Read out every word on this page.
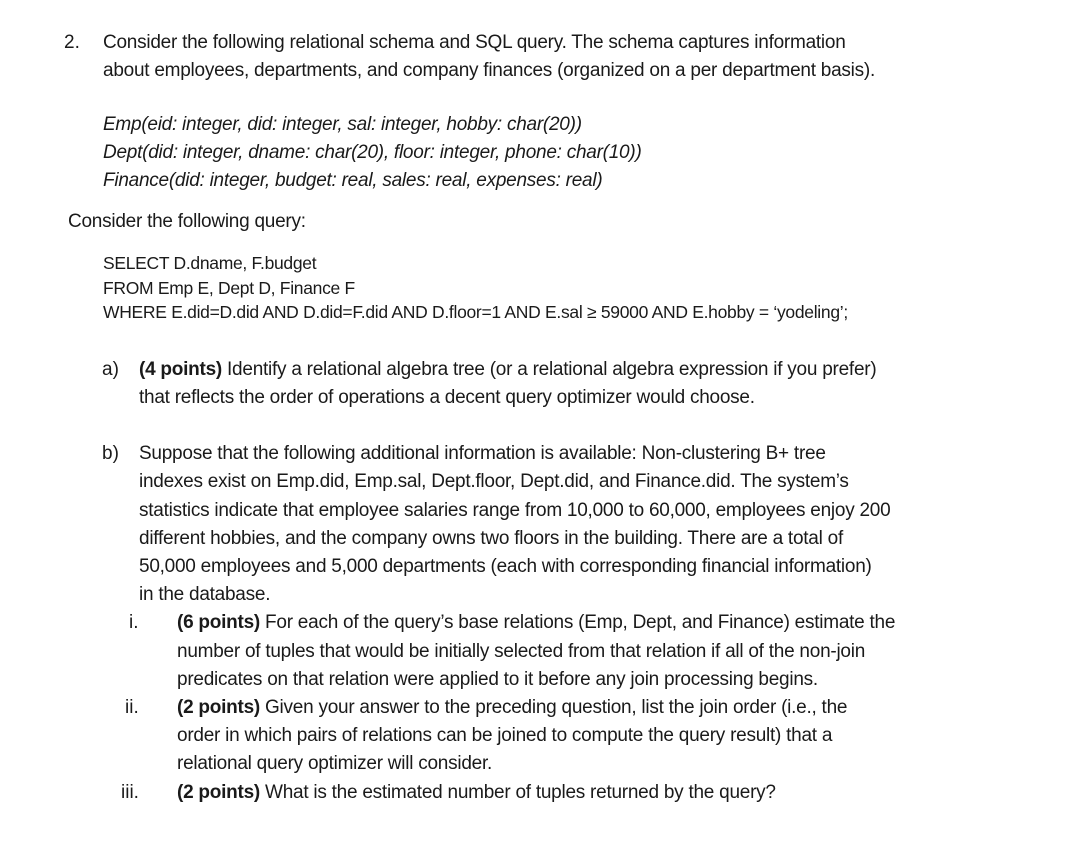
2. Consider the following relational schema and SQL query. The schema captures information
about employees, departments, and company finances (organized on a per department basis).
Emp(eid: integer, did: integer, sal: integer, hobby: char(20))
Dept(did: integer, dname: char(20), floor: integer, phone: char(10))
Finance(did: integer, budget: real, sales: real, expenses: real)
Consider the following query:
SELECT D.dname, F.budget
FROM Emp E, Dept D, Finance F
WHERE E.did=D.did AND D.did=F.did AND D.floor=1 AND E.sal ≥ 59000 AND E.hobby = ‘yodeling’;
a) (4 points) Identify a relational algebra tree (or a relational algebra expression if you prefer)
that reflects the order of operations a decent query optimizer would choose.
b) Suppose that the following additional information is available: Non-clustering B+ tree
indexes exist on Emp.did, Emp.sal, Dept.floor, Dept.did, and Finance.did. The system’s
statistics indicate that employee salaries range from 10,000 to 60,000, employees enjoy 200
different hobbies, and the company owns two floors in the building. There are a total of
50,000 employees and 5,000 departments (each with corresponding financial information)
in the database.
i. (6 points) For each of the query’s base relations (Emp, Dept, and Finance) estimate the
number of tuples that would be initially selected from that relation if all of the non-join
predicates on that relation were applied to it before any join processing begins.
ii. (2 points) Given your answer to the preceding question, list the join order (i.e., the
order in which pairs of relations can be joined to compute the query result) that a
relational query optimizer will consider.
iii. (2 points) What is the estimated number of tuples returned by the query?
